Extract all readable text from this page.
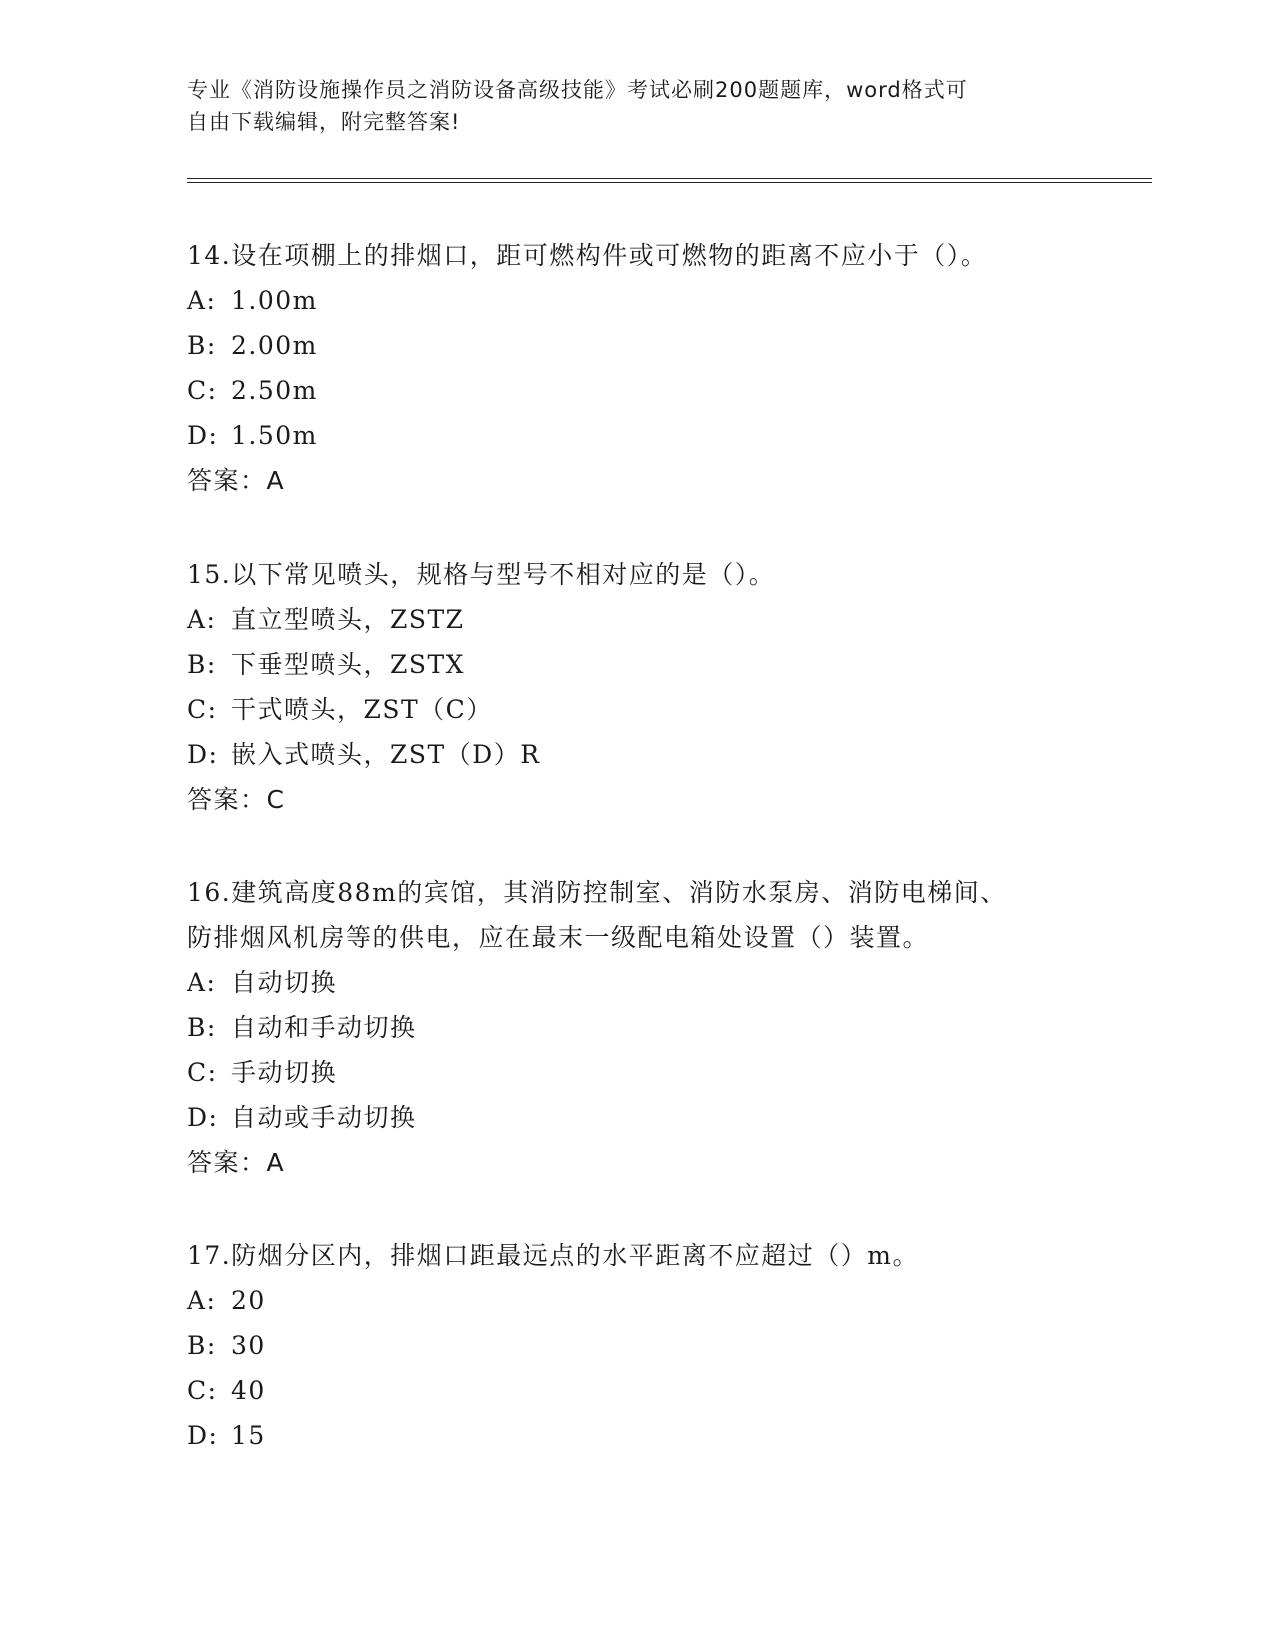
专业《消防设施操作员之消防设备高级技能》考试必刷200题题库，word格式可
自由下载编辑，附完整答案!
14.设在项棚上的排烟口，距可燃构件或可燃物的距离不应小于（）。
A: 1.00m
B: 2.00m
C: 2.50m
D: 1.50m
答案：A
15.以下常见喷头，规格与型号不相对应的是（）。
A: 直立型喷头，ZSTZ
B: 下垂型喷头，ZSTX
C: 干式喷头，ZST（C）
D: 嵌入式喷头，ZST（D）R
答案：C
16.建筑高度88m的宾馆，其消防控制室、消防水泵房、消防电梯间、
防排烟风机房等的供电，应在最末一级配电箱处设置（）装置。
A: 自动切换
B: 自动和手动切换
C: 手动切换
D: 自动或手动切换
答案：A
17.防烟分区内，排烟口距最远点的水平距离不应超过（）m。
A: 20
B: 30
C: 40
D: 15
